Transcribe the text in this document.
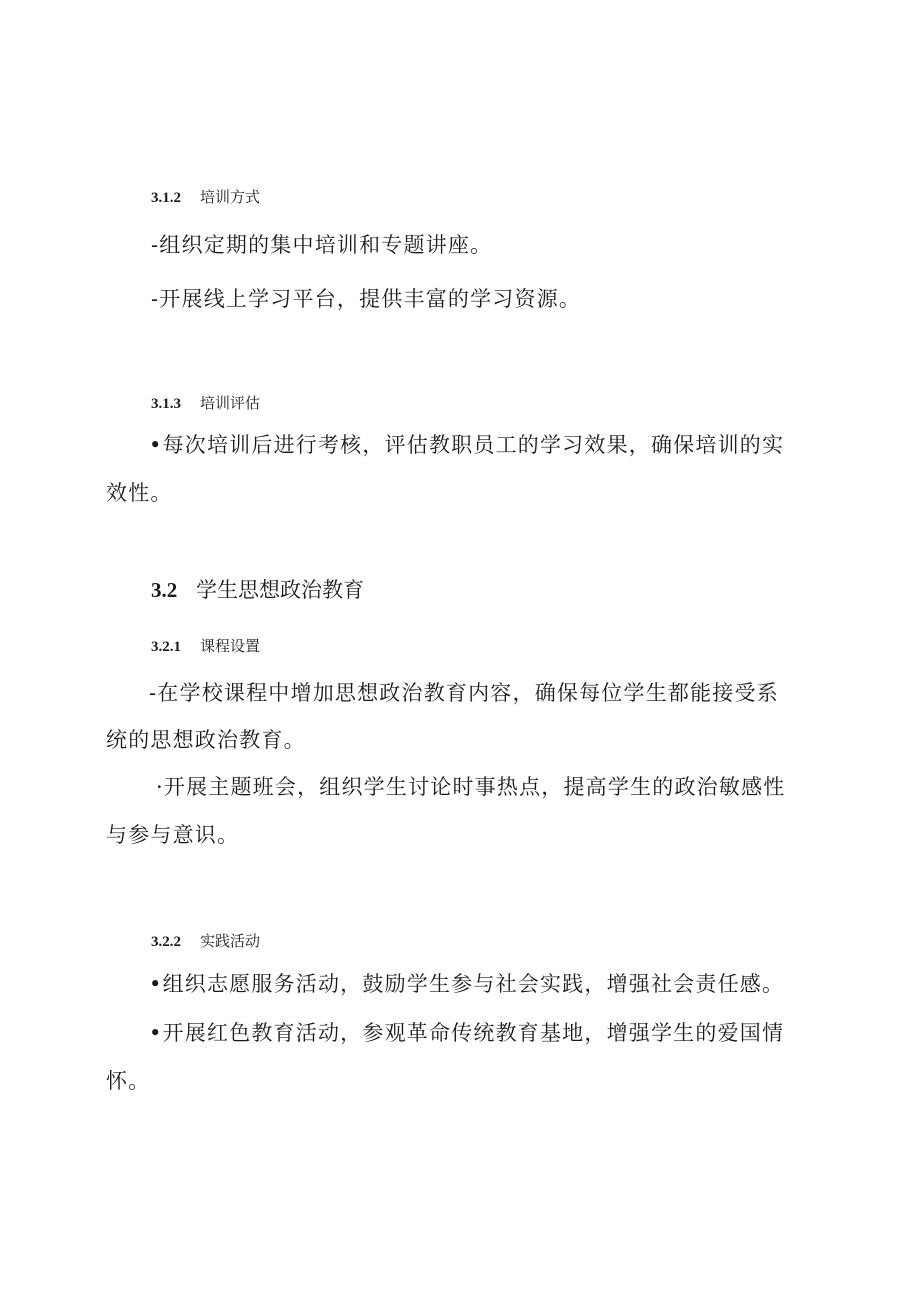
3.1.2 培训方式
-组织定期的集中培训和专题讲座。
-开展线上学习平台，提供丰富的学习资源。
3.1.3 培训评估
•每次培训后进行考核，评估教职员工的学习效果，确保培训的实
效性。
3.2 学生思想政治教育
3.2.1 课程设置
-在学校课程中增加思想政治教育内容，确保每位学生都能接受系
统的思想政治教育。
·开展主题班会，组织学生讨论时事热点，提高学生的政治敏感性
与参与意识。
3.2.2 实践活动
•组织志愿服务活动，鼓励学生参与社会实践，增强社会责任感。
•开展红色教育活动，参观革命传统教育基地，增强学生的爱国情
怀。
